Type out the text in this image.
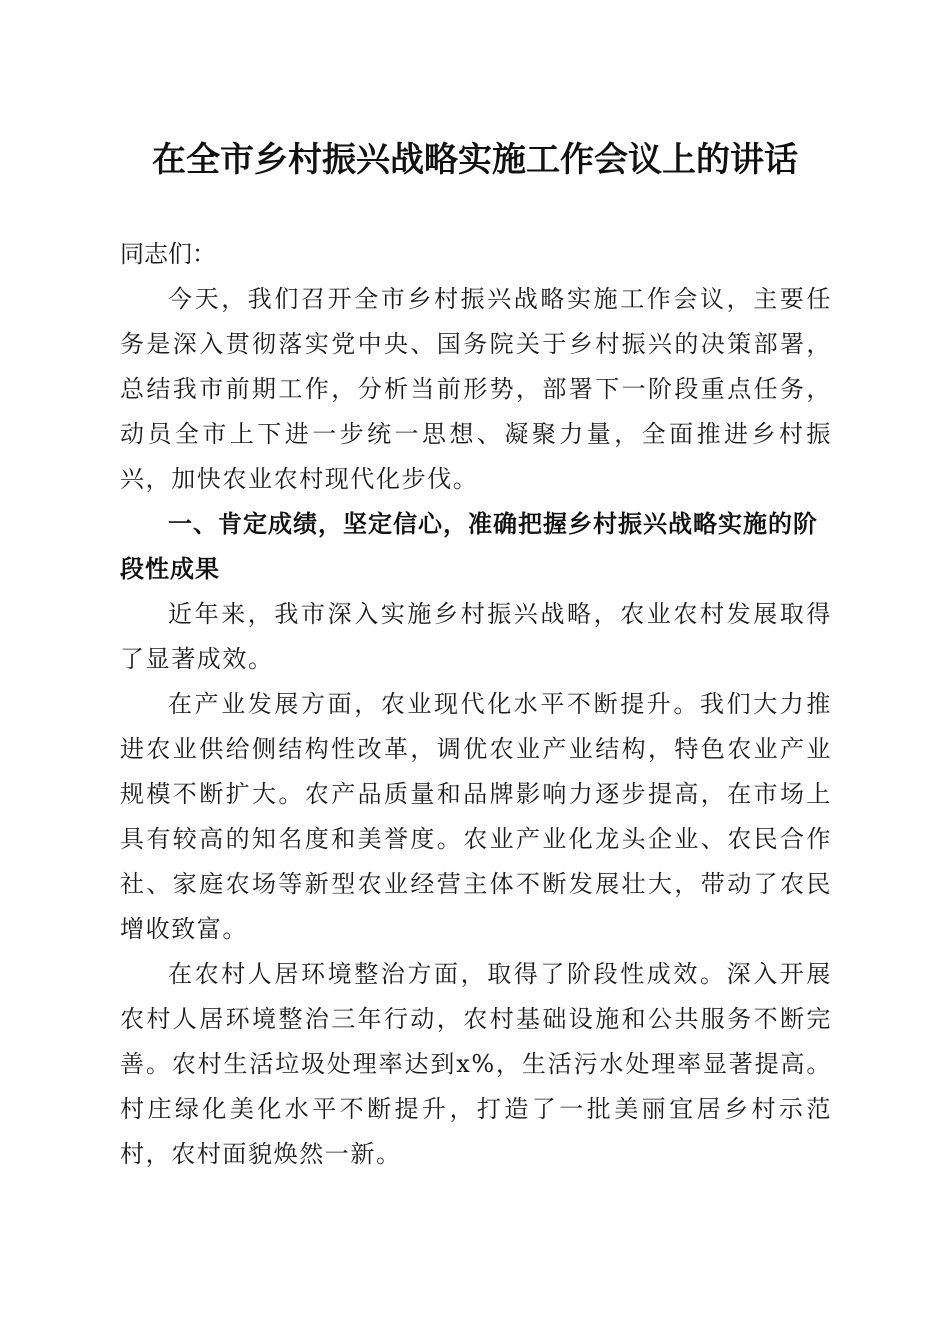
在全市乡村振兴战略实施工作会议上的讲话

同志们：

今天，我们召开全市乡村振兴战略实施工作会议，主要任务是深入贯彻落实党中央、国务院关于乡村振兴的决策部署，总结我市前期工作，分析当前形势，部署下一阶段重点任务，动员全市上下进一步统一思想、凝聚力量，全面推进乡村振兴，加快农业农村现代化步伐。

一、肯定成绩，坚定信心，准确把握乡村振兴战略实施的阶段性成果

近年来，我市深入实施乡村振兴战略，农业农村发展取得了显著成效。

在产业发展方面，农业现代化水平不断提升。我们大力推进农业供给侧结构性改革，调优农业产业结构，特色农业产业规模不断扩大。农产品质量和品牌影响力逐步提高，在市场上具有较高的知名度和美誉度。农业产业化龙头企业、农民合作社、家庭农场等新型农业经营主体不断发展壮大，带动了农民增收致富。

在农村人居环境整治方面，取得了阶段性成效。深入开展农村人居环境整治三年行动，农村基础设施和公共服务不断完善。农村生活垃圾处理率达到x%，生活污水处理率显著提高。村庄绿化美化水平不断提升，打造了一批美丽宜居乡村示范村，农村面貌焕然一新。
